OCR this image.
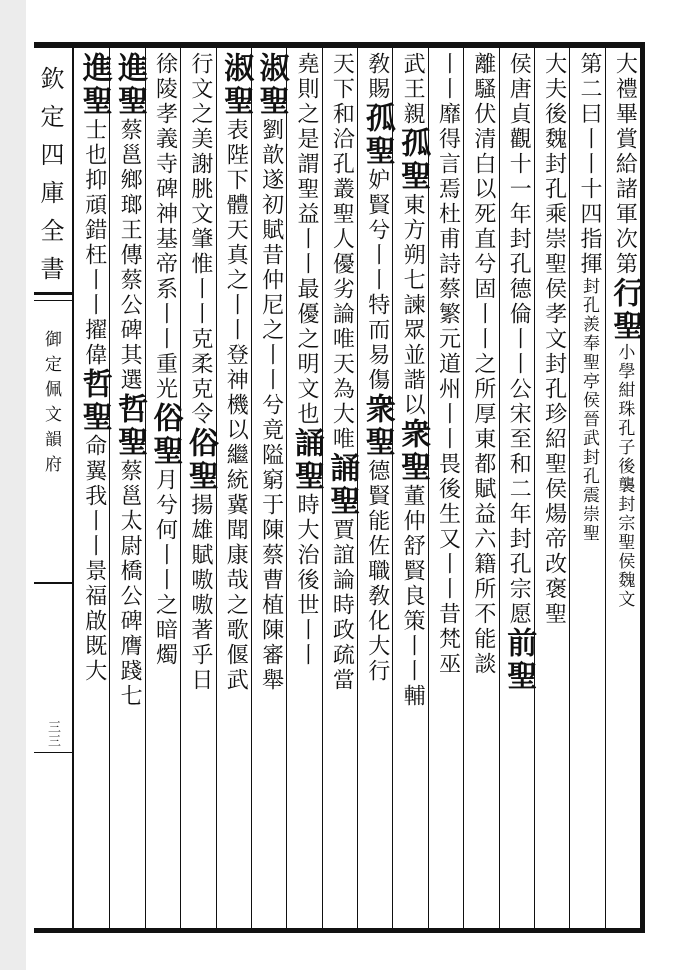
欽定四庫全書
御定佩文韻府
三三
大禮畢賞給諸軍次第行聖小學紺珠孔子後襲封宗聖侯魏文
第二曰丨丨十四指揮封孔羨奉聖亭侯晉武封孔震崇聖
大夫後魏封孔乘崇聖侯孝文封孔珍紹聖侯煬帝改褒聖
侯唐貞觀十一年封孔德倫丨丨公宋至和二年封孔宗愿前聖
離騷伏清白以死直兮固丨丨之所厚東都賦益六籍所不能談
丨丨靡得言焉杜甫詩蔡繁元道州丨丨畏後生又丨丨昔梵巫
武王親孤聖東方朔七諫眾並諧以衆聖董仲舒賢良策丨丨輔
敎賜孤聖妒賢兮丨丨特而易傷衆聖德賢能佐職敎化大行
天下和洽孔叢聖人優劣論唯天為大唯誦聖賈誼論時政疏當
堯則之是謂聖益丨丨最優之明文也誦聖時大治後世丨丨
淑聖劉歆遂初賦昔仲尼之丨丨兮竟隘窮于陳蔡曹植陳審舉
淑聖表陛下體天真之丨丨登神機以繼統冀聞康哉之歌偃武
行文之美謝朓文肇惟丨丨克柔克令俗聖揚雄賦嗷嗷著乎日
徐陵孝義寺碑神基帝系丨丨重光俗聖月兮何丨丨之暗燭
進聖蔡邕鄉瑯王傳蔡公碑其選哲聖蔡邕太尉橋公碑膺踐七
進聖士也抑頑錯枉丨丨擢偉哲聖命翼我丨丨景福啟既大
